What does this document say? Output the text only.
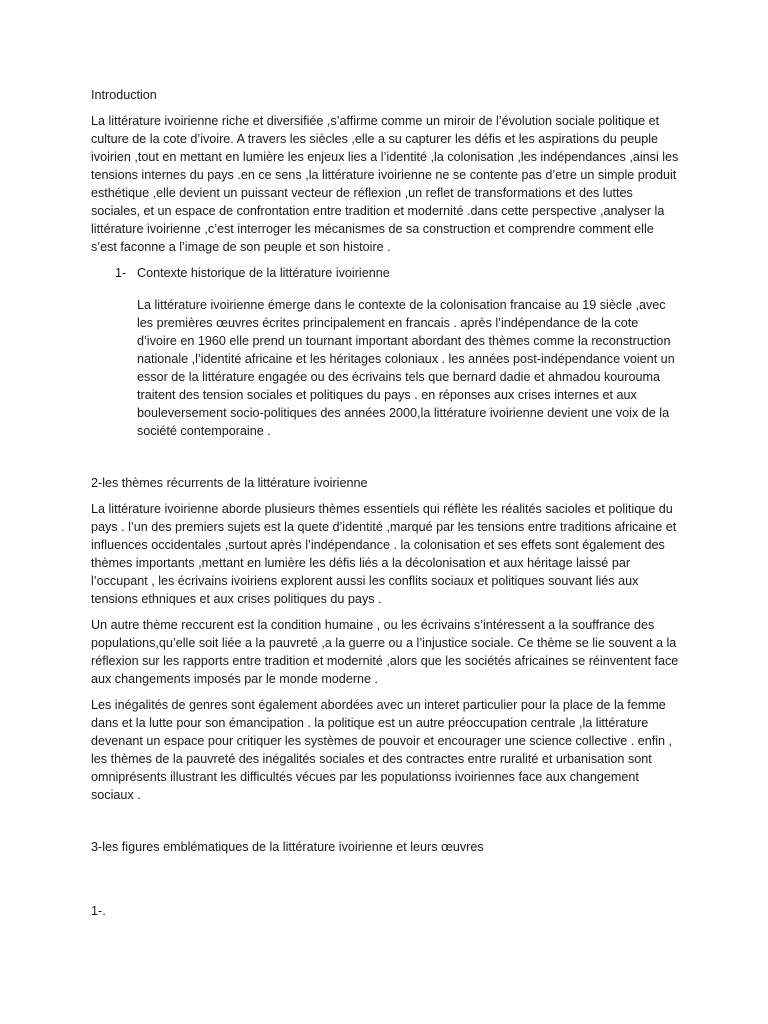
Introduction

La littérature ivoirienne riche et diversifiée ,s’affirme comme un miroir de l’évolution sociale politique et culture de la cote d’ivoire. A travers les siècles ,elle a su capturer les défis et les aspirations du peuple ivoirien ,tout en mettant en lumière les enjeux lies a l’identité ,la colonisation ,les indépendances ,ainsi les tensions internes du pays .en ce sens ,la littérature ivoirienne ne se contente pas d’etre un simple produit esthétique ,elle devient un puissant vecteur de réflexion ,un reflet de transformations et des luttes sociales, et un espace de confrontation entre tradition et modernité .dans cette perspective ,analyser la littérature ivoirienne ,c’est interroger les mécanismes de sa construction et comprendre comment elle s’est faconne a l’image de son peuple et son histoire .

1- Contexte historique de la littérature ivoirienne

La littérature ivoirienne émerge dans le contexte de la colonisation francaise au 19 siècle ,avec les premières œuvres écrites principalement en francais . après l’indépendance de la cote d’ivoire en 1960 elle prend un tournant important abordant des thèmes comme la reconstruction nationale ,l’identité africaine et les héritages coloniaux . les années post-indépendance voient un essor de la littérature engagée ou des écrivains tels que bernard dadie et ahmadou kourouma traitent des tension sociales et politiques du pays . en réponses aux crises internes et aux bouleversement socio-politiques des années 2000,la littérature ivoirienne devient une voix de la société contemporaine .

2-les thèmes récurrents de la littérature ivoirienne

La littérature ivoirienne aborde plusieurs thèmes essentiels qui réflète les réalités sacioles et politique du pays . l’un des premiers sujets est la quete d’identité ,marqué par les tensions entre traditions africaine et influences occidentales ,surtout après l’indépendance . la colonisation et ses effets sont également des thèmes importants ,mettant en lumière les défis liés a la décolonisation et aux héritage laissé par l’occupant , les écrivains ivoiriens explorent aussi les conflits sociaux et politiques souvant liés aux tensions ethniques et aux crises politiques du pays .

Un autre thème reccurent est la condition humaine , ou les écrivains s’intéressent a la souffrance des populations,qu’elle soit liée a la pauvreté ,a la guerre ou a l’injustice sociale. Ce thème se lie souvent a la réflexion sur les rapports entre tradition et modernité ,alors que les sociétés africaines se réinventent face aux changements imposés par le monde moderne .

Les inégalités de genres sont également abordées avec un interet particulier pour la place de la femme dans et la lutte pour son émancipation . la politique est un autre préoccupation centrale ,la littérature devenant un espace pour critiquer les systèmes de pouvoir et encourager une science collective . enfin , les thèmes de la pauvreté des inégalités sociales et des contractes entre ruralité et urbanisation sont omniprésents illustrant les difficultés vécues par les populationss ivoiriennes face aux changement sociaux .

3-les figures emblématiques de la littérature ivoirienne et leurs œuvres

1-.
